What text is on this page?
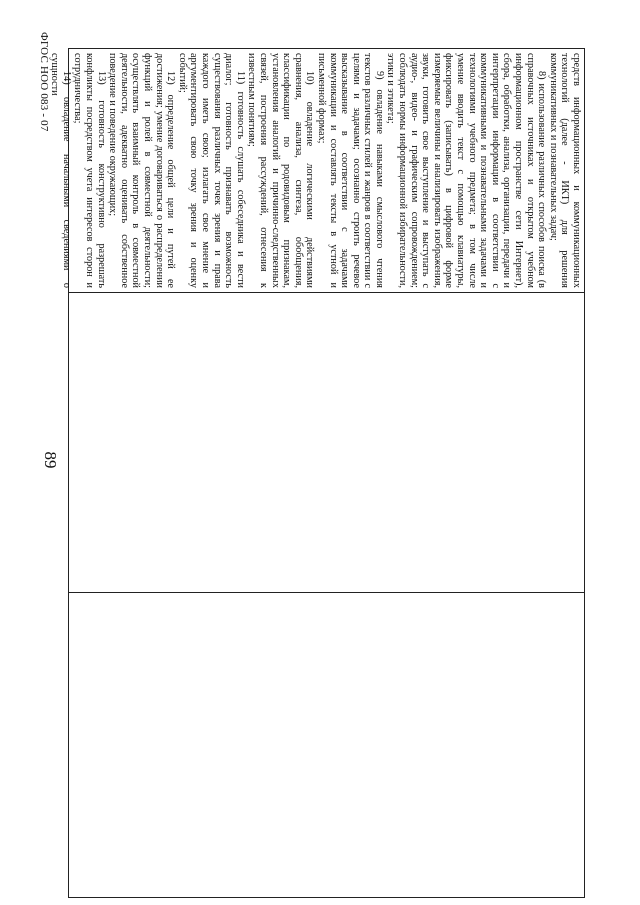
средств информационных и коммуникационных технологий (далее - ИКТ) для решения коммуникативных и познавательных задач;

8) использование различных способов поиска (в справочных источниках и открытом учебном информационном пространстве сети Интернет), сбора, обработки, анализа, организации, передачи и интерпретации информации в соответствии с коммуникативными и познавательными задачами и технологиями учебного предмета; в том числе умение вводить текст с помощью клавиатуры, фиксировать (записывать) в цифровой форме измеряемые величины и анализировать изображения, звуки, готовить свое выступление и выступать с аудио-, видео- и графическим сопровождением; соблюдать нормы информационной избирательности, этики и этикета;

9) овладение навыками смыслового чтения текстов различных стилей и жанров в соответствии с целями и задачами; осознанно строить речевое высказывание в соответствии с задачами коммуникации и составлять тексты в устной и письменной формах;

10) овладение логическими действиями сравнения, анализа, синтеза, обобщения, классификации по родовидовым признакам, установления аналогий и причинно-следственных связей, построения рассуждений, отнесения к известным понятиям;

11) готовность слушать собеседника и вести диалог; готовность признавать возможность существования различных точек зрения и права каждого иметь свою; излагать свое мнение и аргументировать свою точку зрения и оценку событий;

12) определение общей цели и путей ее достижения; умение договариваться о распределении функций и ролей в совместной деятельности; осуществлять взаимный контроль в совместной деятельности, адекватно оценивать собственное поведение и поведение окружающих;

13) готовность конструктивно разрешать конфликты посредством учета интересов сторон и сотрудничества;

14) овладение начальными сведениями о сущности

89
ФГОС НОО 083 - 07
